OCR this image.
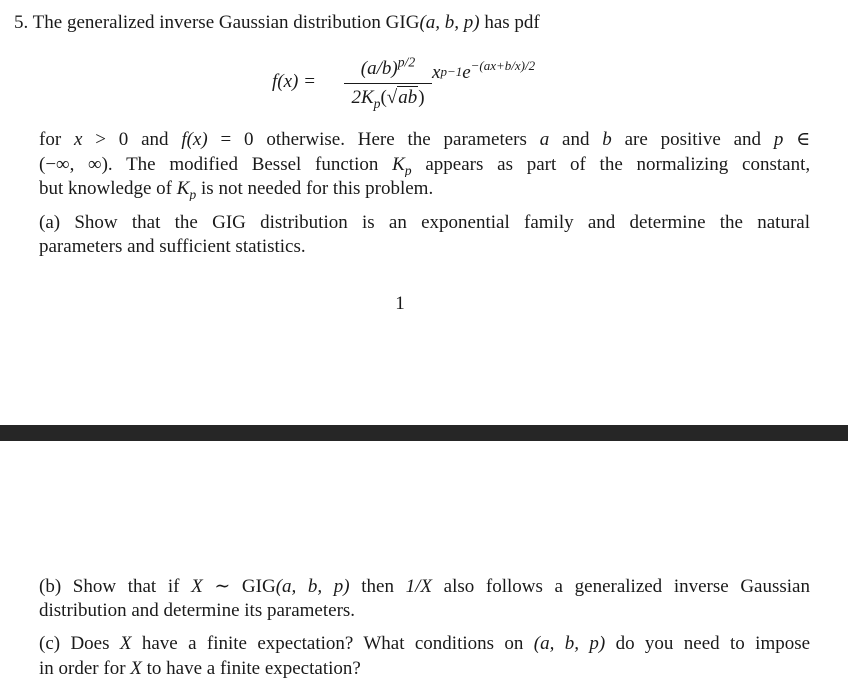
5. The generalized inverse Gaussian distribution GIG(a, b, p) has pdf
f(x) =
$(a/b)^{p/2}$
$2K_p(√ab)$
$xp-1e^{-(ax+b/x)/2}$
for x > 0 and f(x) = 0 otherwise. Here the parameters a and b are positive and p ∈
(−∞, ∞). The modified Bessel function $K_p$ appears as part of the normalizing constant,
but knowledge of $K_p$ is not needed for this problem.
(a) Show that the GIG distribution is an exponential family and determine the natural
parameters and sufficient statistics.
1
(b) Show that if X ∼ GIG(a, b, p) then 1/X also follows a generalized inverse Gaussian
distribution and determine its parameters.
(c) Does X have a finite expectation? What conditions on (a, b, p) do you need to impose
in order for X to have a finite expectation?
